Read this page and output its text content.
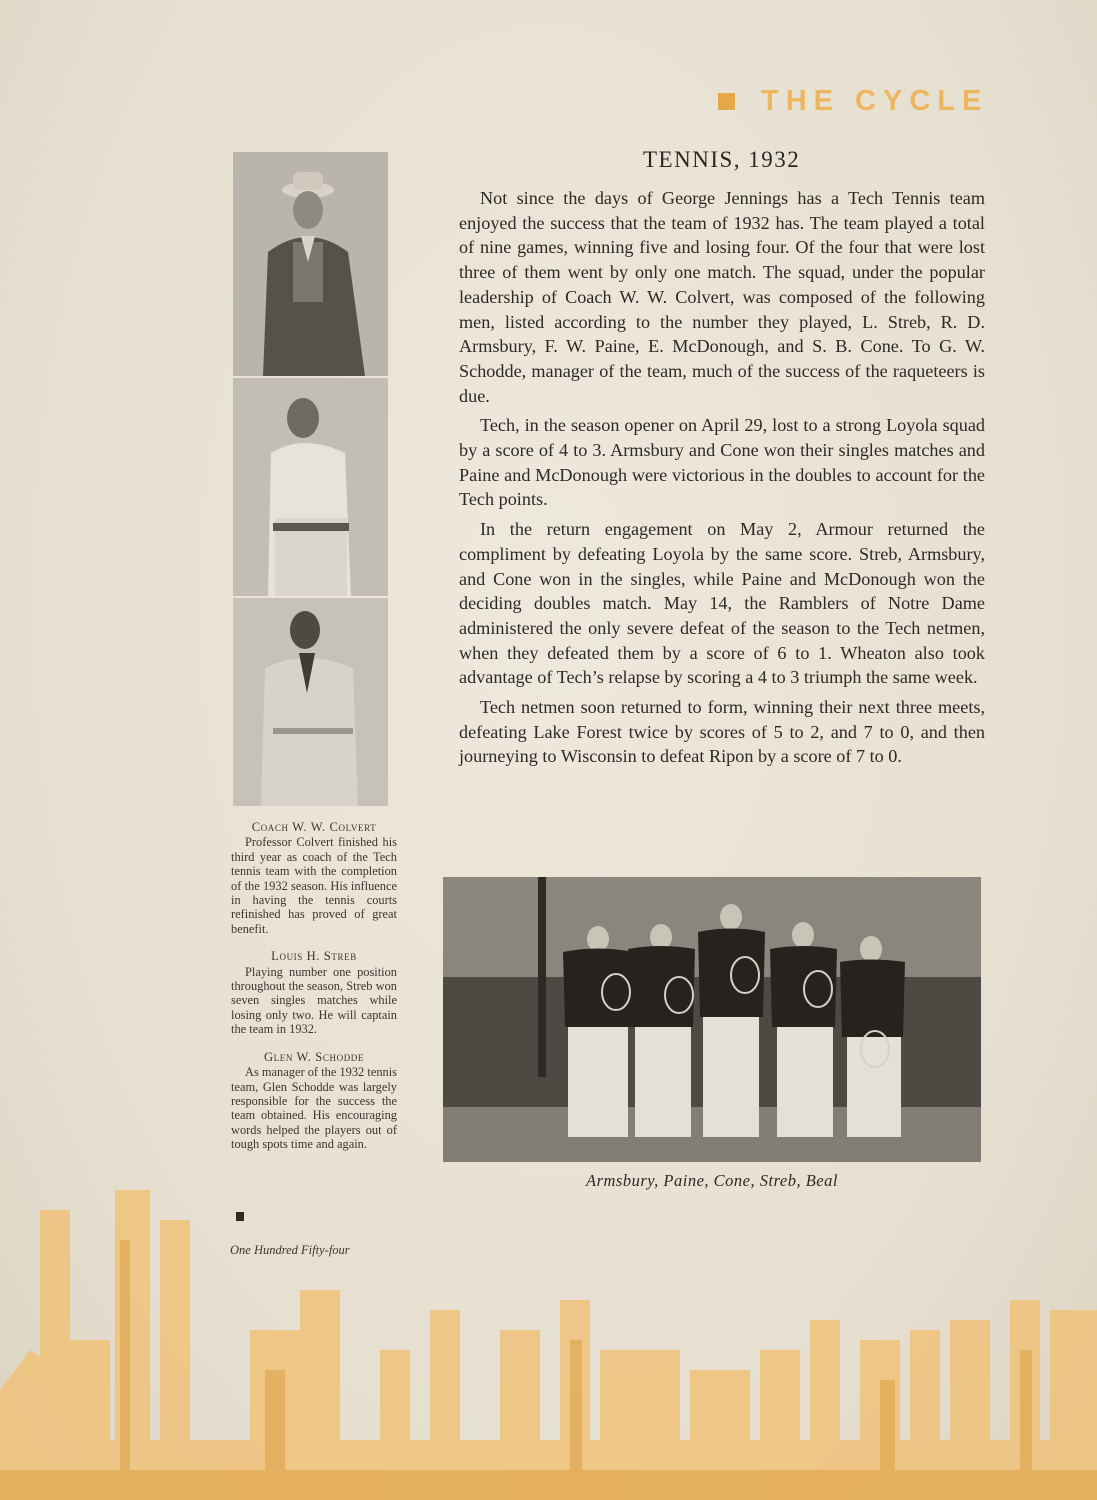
THE CYCLE
Coach W. W. Colvert
Professor Colvert finished his third year as coach of the Tech tennis team with the completion of the 1932 season. His influence in having the tennis courts refinished has proved of great benefit.
Louis H. Streb
Playing number one position throughout the season, Streb won seven singles matches while losing only two. He will captain the team in 1932.
Glen W. Schodde
As manager of the 1932 tennis team, Glen Schodde was largely responsible for the success the team obtained. His encouraging words helped the players out of tough spots time and again.
One Hundred Fifty-four
TENNIS, 1932

Not since the days of George Jennings has a Tech Tennis team enjoyed the success that the team of 1932 has. The team played a total of nine games, winning five and losing four. Of the four that were lost three of them went by only one match. The squad, under the popular leadership of Coach W. W. Colvert, was composed of the following men, listed according to the number they played, L. Streb, R. D. Armsbury, F. W. Paine, E. McDonough, and S. B. Cone. To G. W. Schodde, manager of the team, much of the success of the raqueteers is due.

Tech, in the season opener on April 29, lost to a strong Loyola squad by a score of 4 to 3. Armsbury and Cone won their singles matches and Paine and McDonough were victorious in the doubles to account for the Tech points.

In the return engagement on May 2, Armour returned the compliment by defeating Loyola by the same score. Streb, Armsbury, and Cone won in the singles, while Paine and McDonough won the deciding doubles match. May 14, the Ramblers of Notre Dame administered the only severe defeat of the season to the Tech netmen, when they defeated them by a score of 6 to 1. Wheaton also took advantage of Tech’s relapse by scoring a 4 to 3 triumph the same week.

Tech netmen soon returned to form, winning their next three meets, defeating Lake Forest twice by scores of 5 to 2, and 7 to 0, and then journeying to Wisconsin to defeat Ripon by a score of 7 to 0.

Armsbury, Paine, Cone, Streb, Beal
